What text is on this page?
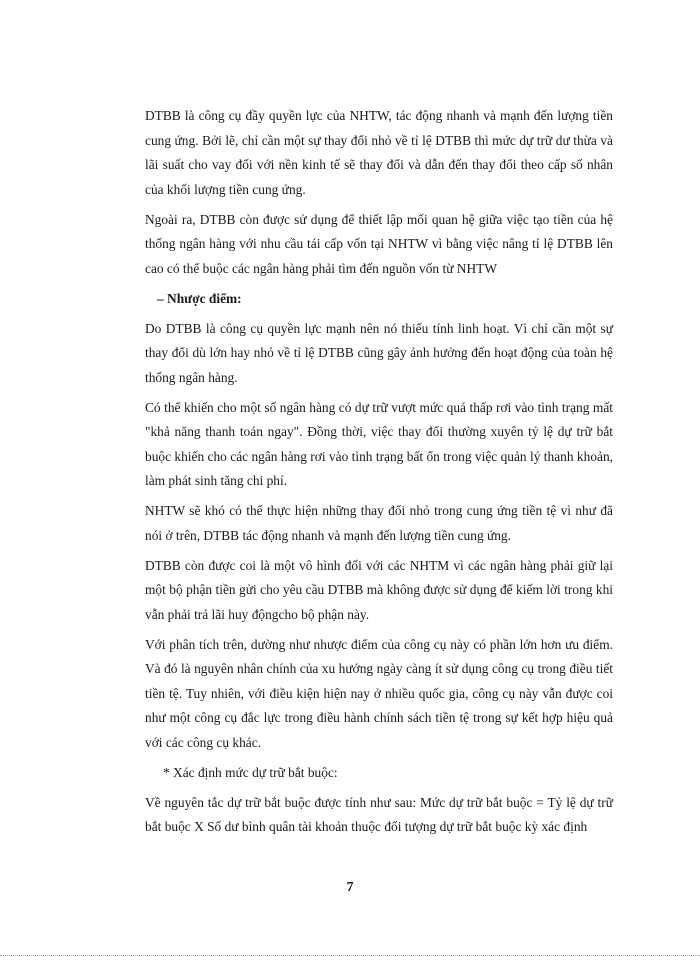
DTBB là công cụ đầy quyền lực của NHTW, tác động nhanh và mạnh đến lượng tiền cung ứng. Bởi lẽ, chỉ cần một sự thay đổi nhỏ về tỉ lệ DTBB thì mức dự trữ dư thừa và lãi suất cho vay đối với nền kinh tế sẽ thay đổi và dẫn đến thay đổi theo cấp số nhân của khối lượng tiền cung ứng.

Ngoài ra, DTBB còn được sử dụng để thiết lập mối quan hệ giữa việc tạo tiền của hệ thống ngân hàng với nhu cầu tái cấp vốn tại NHTW vì bằng việc nâng tỉ lệ DTBB lên cao có thể buộc các ngân hàng phải tìm đến nguồn vốn từ NHTW

– Nhược điểm:

Do DTBB là công cụ quyền lực mạnh nên nó thiếu tính linh hoạt. Vì chỉ cần một sự thay đổi dù lớn hay nhỏ về tỉ lệ DTBB cũng gây ảnh hưởng đến hoạt động của toàn hệ thống ngân hàng.

Có thể khiến cho một số ngân hàng có dự trữ vượt mức quá thấp rơi vào tình trạng mất "khả năng thanh toán ngay". Đồng thời, việc thay đổi thường xuyên tỷ lệ dự trữ bắt buộc khiến cho các ngân hàng rơi vào tình trạng bất ổn trong việc quản lý thanh khoản, làm phát sinh tăng chi phí.

NHTW sẽ khó có thể thực hiện những thay đổi nhỏ trong cung ứng tiền tệ vì như đã nói ở trên, DTBB tác động nhanh và mạnh đến lượng tiền cung ứng.

DTBB còn được coi là một vô hình đối với các NHTM vì các ngân hàng phải giữ lại một bộ phận tiền gửi cho yêu cầu DTBB mà không được sử dụng để kiếm lời trong khi vẫn phải trả lãi huy độngcho bộ phận này.

Với phân tích trên, dường như nhược điểm của công cụ này có phần lớn hơn ưu điểm. Và đó là nguyên nhân chính của xu hướng ngày càng ít sử dụng công cụ trong điều tiết tiền tệ. Tuy nhiên, với điều kiện hiện nay ở nhiều quốc gia, công cụ này vẫn được coi như một công cụ đắc lực trong điều hành chính sách tiền tệ trong sự kết hợp hiệu quả với các công cụ khác.

* Xác định mức dự trữ bắt buộc:

Về nguyên tắc dự trữ bắt buộc được tính như sau: Mức dự trữ bắt buộc = Tỷ lệ dự trữ bắt buộc X Số dư bình quân tài khoản thuộc đối tượng dự trữ bắt buộc kỳ xác định

7
